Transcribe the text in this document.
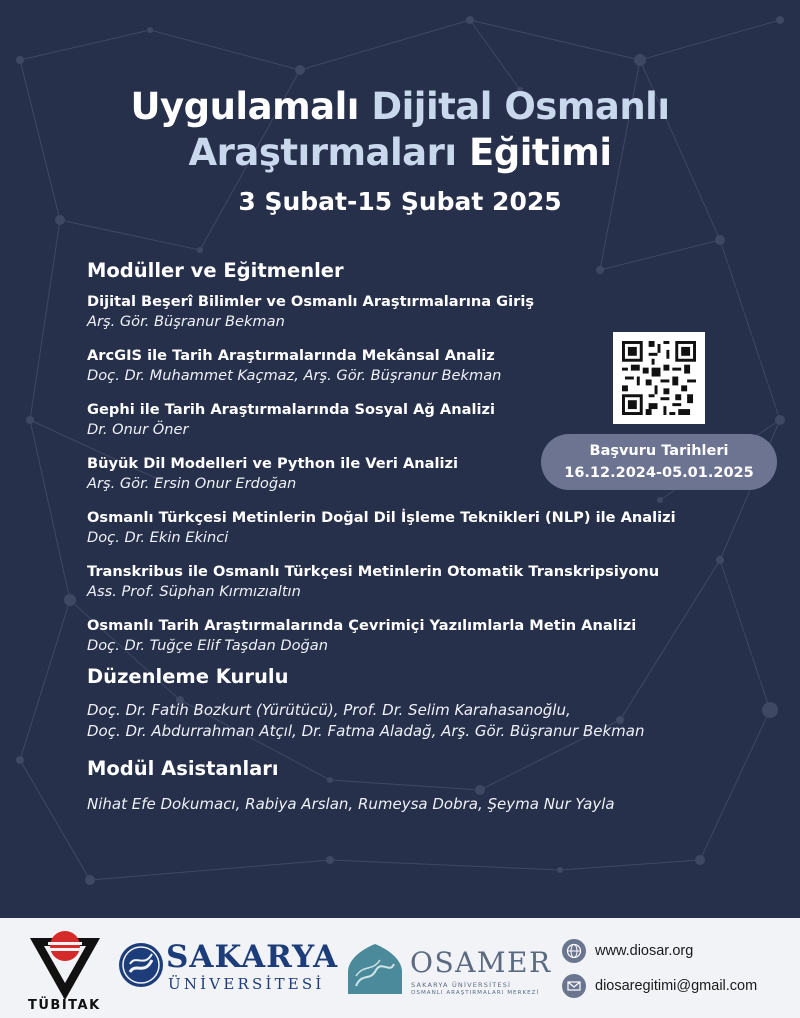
Uygulamalı Dijital Osmanlı
Araştırmaları Eğitimi
3 Şubat-15 Şubat 2025
Modüller ve Eğitmenler
Dijital Beşerî Bilimler ve Osmanlı Araştırmalarına Giriş
Arş. Gör. Büşranur Bekman
ArcGIS ile Tarih Araştırmalarında Mekânsal Analiz
Doç. Dr. Muhammet Kaçmaz, Arş. Gör. Büşranur Bekman
Gephi ile Tarih Araştırmalarında Sosyal Ağ Analizi
Dr. Onur Öner
Büyük Dil Modelleri ve Python ile Veri Analizi
Arş. Gör. Ersin Onur Erdoğan
Osmanlı Türkçesi Metinlerin Doğal Dil İşleme Teknikleri (NLP) ile Analizi
Doç. Dr. Ekin Ekinci
Transkribus ile Osmanlı Türkçesi Metinlerin Otomatik Transkripsiyonu
Ass. Prof. Süphan Kırmızıaltın
Osmanlı Tarih Araştırmalarında Çevrimiçi Yazılımlarla Metin Analizi
Doç. Dr. Tuğçe Elif Taşdan Doğan
Düzenleme Kurulu
Doç. Dr. Fatih Bozkurt (Yürütücü), Prof. Dr. Selim Karahasanoğlu,
Doç. Dr. Abdurrahman Atçıl, Dr. Fatma Aladağ, Arş. Gör. Büşranur Bekman
Modül Asistanları
Nihat Efe Dokumacı, Rabiya Arslan, Rumeysa Dobra, Şeyma Nur Yayla
Başvuru Tarihleri
16.12.2024-05.01.2025
TÜBİTAK
SAKARYA
ÜNİVERSİTESİ
OSAMER
SAKARYA ÜNİVERSİTESİ
OSMANLI ARAŞTIRMALARI MERKEZİ
www.diosar.org
diosaregitimi@gmail.com
